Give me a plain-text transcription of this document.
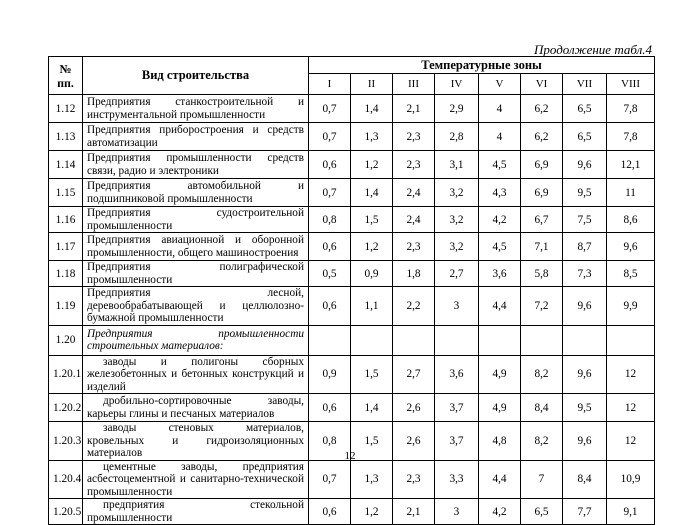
Продолжение табл.4
№
пп.	Вид строительства	Температурные зоны							
		I	II	III	IV	V	VI	VII	VIII
1.12	Предприятия станкостроительной и инструментальной промышленности	0,7	1,4	2,1	2,9	4	6,2	6,5	7,8
1.13	Предприятия приборостроения и средств автоматизации	0,7	1,3	2,3	2,8	4	6,2	6,5	7,8
1.14	Предприятия промышленности средств связи, радио и электроники	0,6	1,2	2,3	3,1	4,5	6,9	9,6	12,1
1.15	Предприятия автомобильной и подшипниковой промышленности	0,7	1,4	2,4	3,2	4,3	6,9	9,5	11
1.16	Предприятия судостроительной промышленности	0,8	1,5	2,4	3,2	4,2	6,7	7,5	8,6
1.17	Предприятия авиационной и оборонной промышленности, общего машиностроения	0,6	1,2	2,3	3,2	4,5	7,1	8,7	9,6
1.18	Предприятия полиграфической промышленности	0,5	0,9	1,8	2,7	3,6	5,8	7,3	8,5
1.19	Предприятия лесной, деревообрабатывающей и целлюлозно-бумажной промышленности	0,6	1,1	2,2	3	4,4	7,2	9,6	9,9
1.20	Предприятия промышленности строительных материалов:								
1.20.1	заводы и полигоны сборных железобетонных и бетонных конструкций и изделий	0,9	1,5	2,7	3,6	4,9	8,2	9,6	12
1.20.2	дробильно-сортировочные заводы, карьеры глины и песчаных материалов	0,6	1,4	2,6	3,7	4,9	8,4	9,5	12
1.20.3	заводы стеновых материалов, кровельных и гидроизоляционных материалов	0,8	1,5	2,6	3,7	4,8	8,2	9,6	12
1.20.4	цементные заводы, предприятия асбестоцементной и санитарно-технической промышленности	0,7	1,3	2,3	3,3	4,4	7	8,4	10,9
1.20.5	предприятия стекольной промышленности	0,6	1,2	2,1	3	4,2	6,5	7,7	9,1
12
